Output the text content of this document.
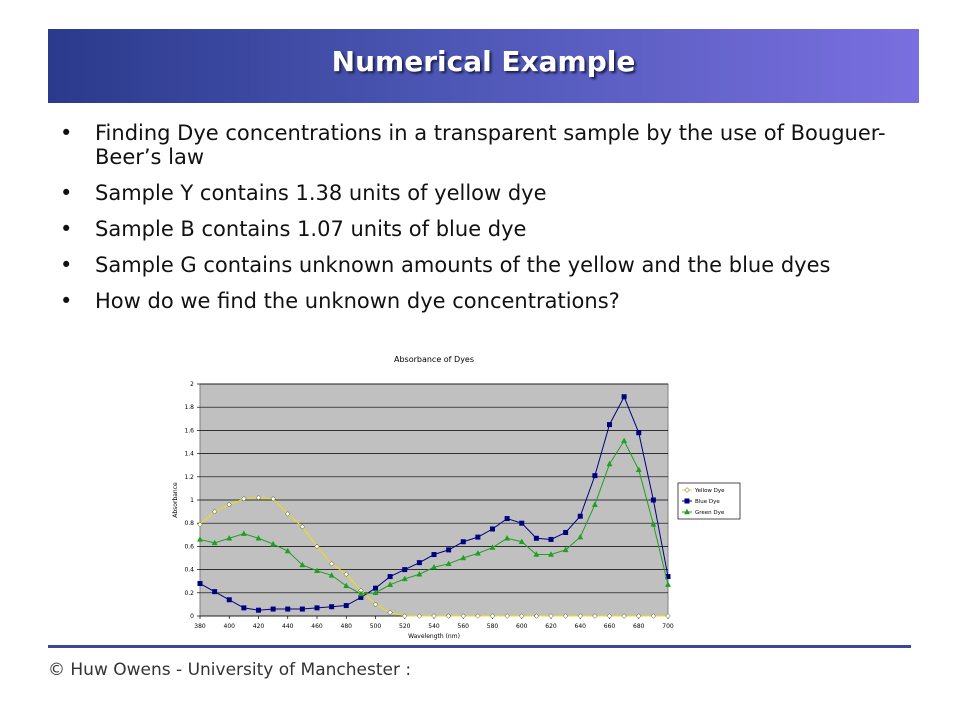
Numerical Example
• Finding Dye concentrations in a transparent sample by the use of Bouguer-Beer’s law
• Sample Y contains 1.38 units of yellow dye
• Sample B contains 1.07 units of blue dye
• Sample G contains unknown amounts of the yellow and the blue dyes
• How do we find the unknown dye concentrations?
0
0.2
0.4
0.6
0.8
1
1.2
1.4
1.6
1.8
2
380	400	420	440	460	480	500	520	540	560	580	600	620	640	660	680	700
Absorbance of Dyes
Wavelength (nm)
Absorbance	Yellow Dye
Blue Dye
Green Dye
© Huw Owens - University of Manchester :
